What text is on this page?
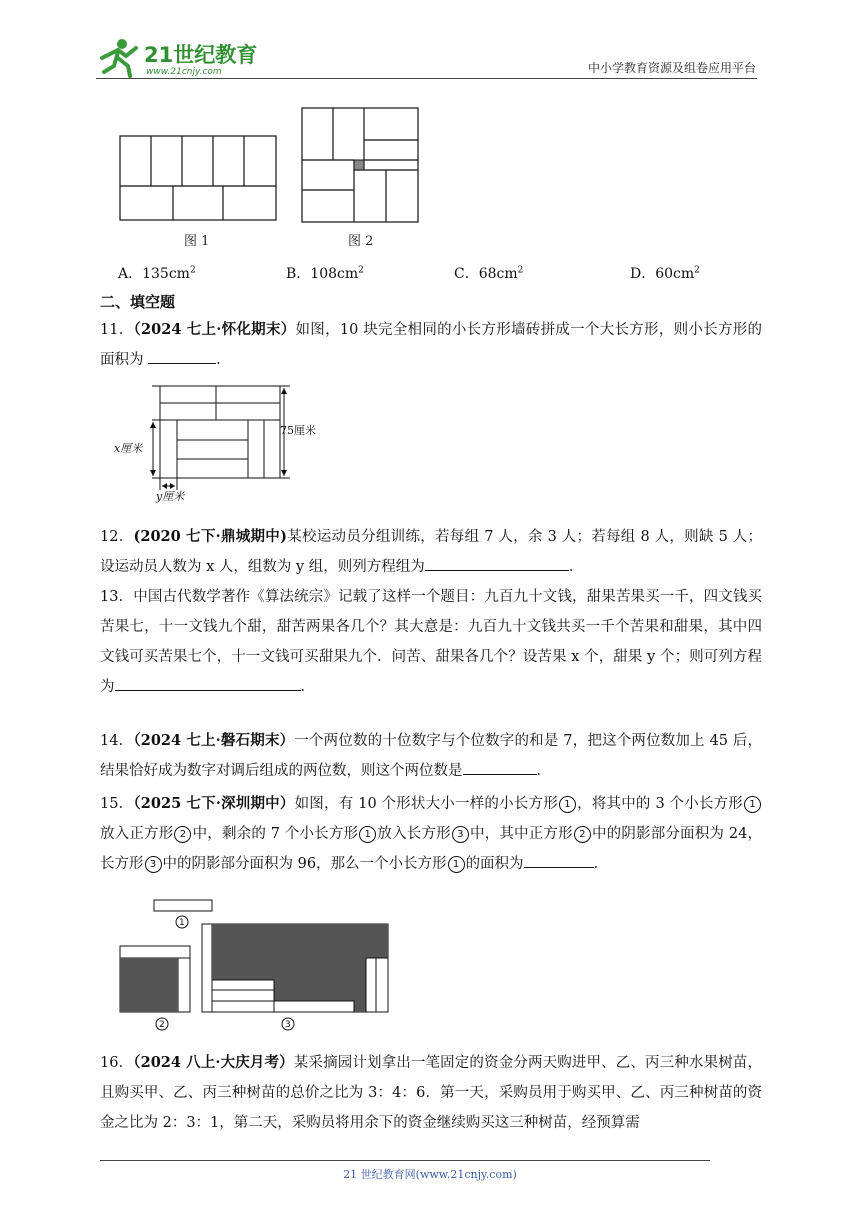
21世纪教育
www.21cnjy.com	中小学教育资源及组卷应用平台
图 1	图 2
A．$135cm^2$	B．$108cm^2$	C．$68cm^2$	D．$60cm^2$
二、填空题
11．（2024 七上·怀化期末）如图，10 块完全相同的小长方形墙砖拼成一个大长方形，则小长方形的面积为	．
x厘米
75厘米
y厘米
12．(2020 七下·鼎城期中)某校运动员分组训练，若每组 7 人，余 3 人；若每组 8 人，则缺 5 人；设运动员人数为 x 人，组数为 y 组，则列方程组为	．
13．中国古代数学著作《算法统宗》记载了这样一个题目：九百九十文钱，甜果苦果买一千，四文钱买苦果七，十一文钱九个甜，甜苦两果各几个？其大意是：九百九十文钱共买一千个苦果和甜果，其中四文钱可买苦果七个，十一文钱可买甜果九个．问苦、甜果各几个？设苦果 x 个，甜果 y 个；则可列方程为	．
14．（2024 七上·磐石期末）一个两位数的十位数字与个位数字的和是 7，把这个两位数加上 45 后，结果恰好成为数字对调后组成的两位数，则这个两位数是	．
15．（2025 七下·深圳期中）如图，有 10 个形状大小一样的小长方形 1 ，将其中的 3 个小长方形 1放入正方形 2 中，剩余的 7 个小长方形 1 放入长方形 3 中，其中正方形 2 中的阴影部分面积为 24，长方形 3 中的阴影部分面积为 96，那么一个小长方形 1 的面积为	．
1
2	3
16．（2024 八上·大庆月考）某采摘园计划拿出一笔固定的资金分两天购进甲、乙、丙三种水果树苗，且购买甲、乙、丙三种树苗的总价之比为 3：4：6．第一天，采购员用于购买甲、乙、丙三种树苗的资金之比为 2：3：1，第二天，采购员将用余下的资金继续购买这三种树苗，经预算需
21 世纪教育网(www.21cnjy.com)
